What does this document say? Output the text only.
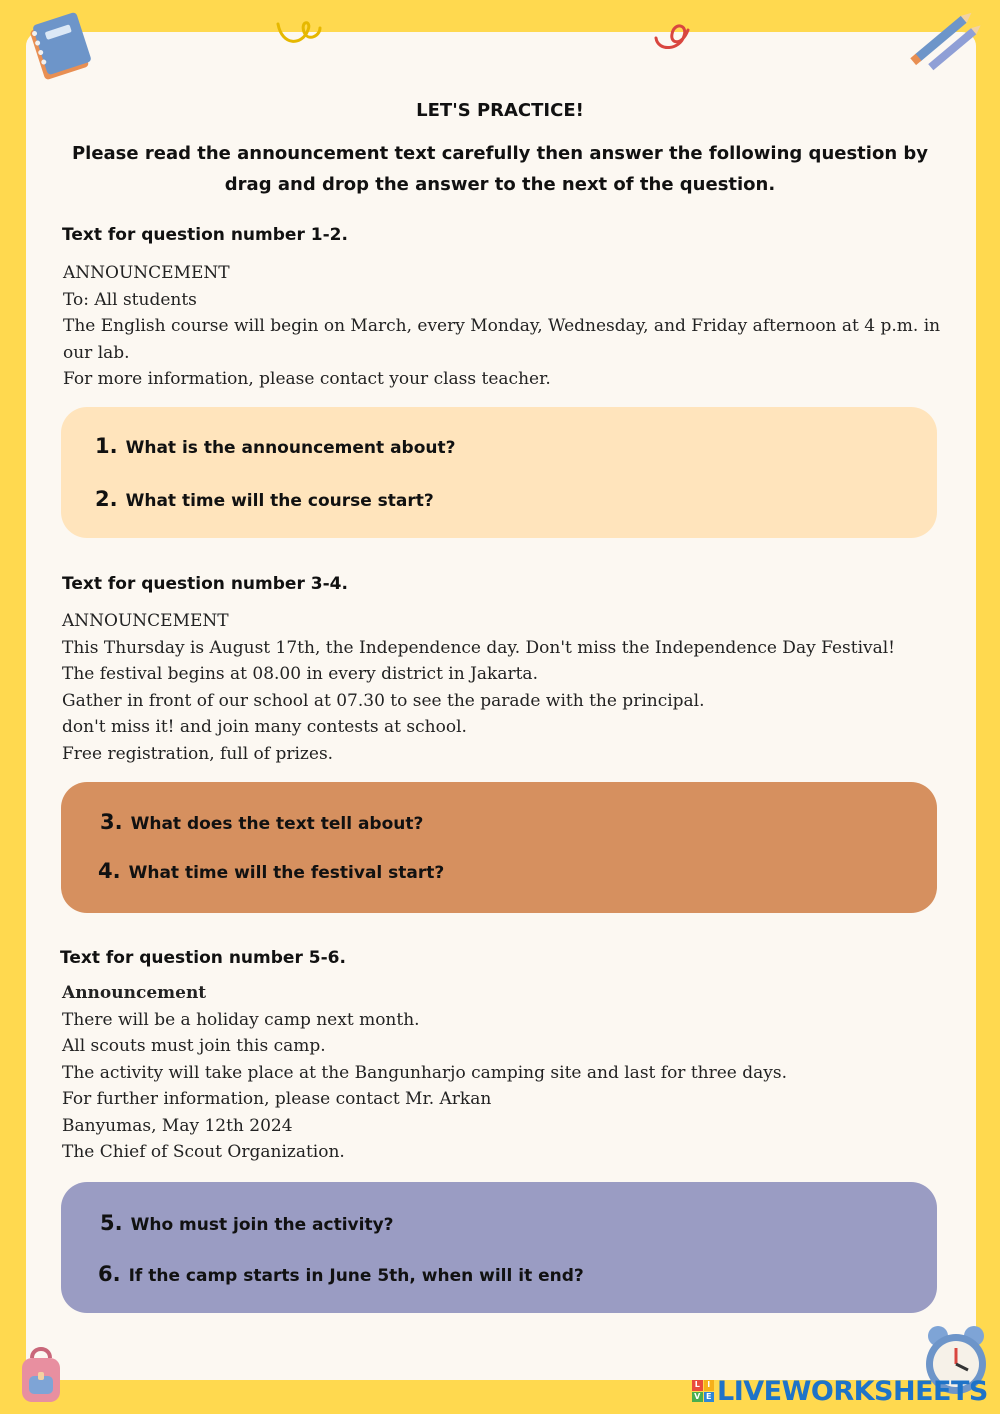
LET'S PRACTICE!
Please read the announcement text carefully then answer the following question by
drag and drop the answer to the next of the question.
Text for question number 1-2.
ANNOUNCEMENT
To: All students
The English course will begin on March, every Monday, Wednesday, and Friday afternoon at 4 p.m. in
our lab.
For more information, please contact your class teacher.
1. What is the announcement about?
2. What time will the course start?
Text for question number 3-4.
ANNOUNCEMENT
This Thursday is August 17th, the Independence day. Don't miss the Independence Day Festival!
The festival begins at 08.00 in every district in Jakarta.
Gather in front of our school at 07.30 to see the parade with the principal.
don't miss it! and join many contests at school.
Free registration, full of prizes.
3. What does the text tell about?
4. What time will the festival start?
Text for question number 5-6.
Announcement
There will be a holiday camp next month.
All scouts must join this camp.
The activity will take place at the Bangunharjo camping site and last for three days.
For further information, please contact Mr. Arkan
Banyumas, May 12th 2024
The Chief of Scout Organization.
5. Who must join the activity?
6. If the camp starts in June 5th, when will it end?
L I
V E LIVEWORKSHEETS
